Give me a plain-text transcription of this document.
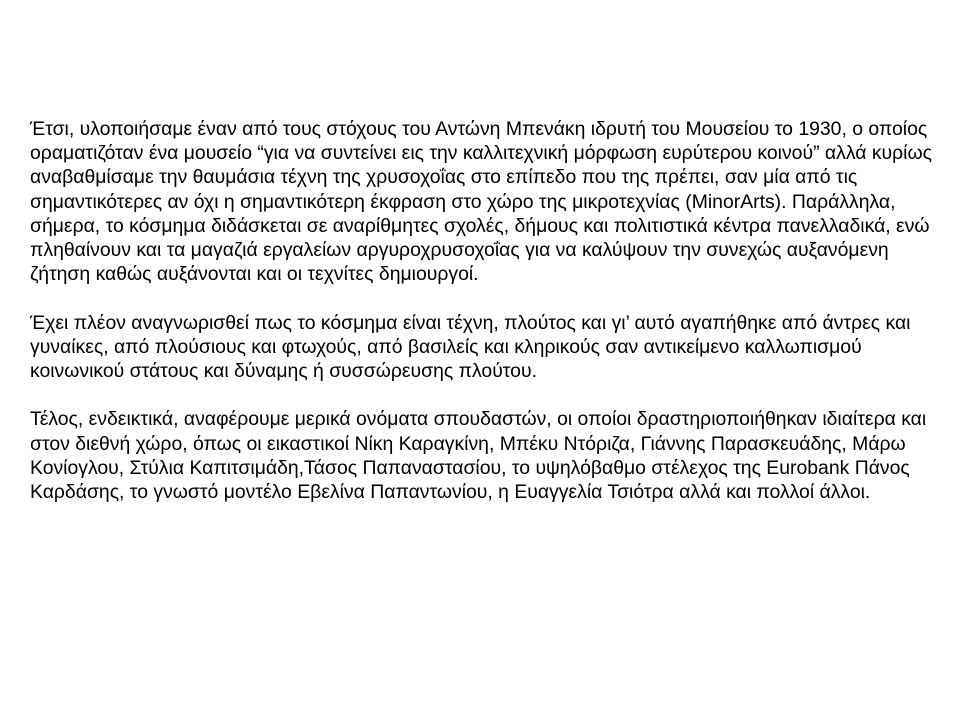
Έτσι, υλοποιήσαμε έναν από τους στόχους του Αντώνη Μπενάκη ιδρυτή του Μουσείου το 1930, ο οποίος οραματιζόταν ένα μουσείο “για να συντείνει εις την καλλιτεχνική μόρφωση ευρύτερου κοινού” αλλά κυρίως αναβαθμίσαμε την θαυμάσια τέχνη της χρυσοχοΐας στο επίπεδο που της πρέπει, σαν μία από τις σημαντικότερες αν όχι η σημαντικότερη έκφραση στο χώρο της μικροτεχνίας (MinorArts). Παράλληλα, σήμερα, το κόσμημα διδάσκεται σε αναρίθμητες σχολές, δήμους και πολιτιστικά κέντρα πανελλαδικά, ενώ πληθαίνουν και τα μαγαζιά εργαλείων αργυροχρυσοχοΐας για να καλύψουν την συνεχώς αυξανόμενη ζήτηση καθώς αυξάνονται και οι τεχνίτες δημιουργοί.

Έχει πλέον αναγνωρισθεί πως το κόσμημα είναι τέχνη, πλούτος και γι’ αυτό αγαπήθηκε από άντρες και γυναίκες, από πλούσιους και φτωχούς, από βασιλείς και κληρικούς σαν αντικείμενο καλλωπισμού κοινωνικού στάτους και δύναμης ή συσσώρευσης πλούτου.

Τέλος, ενδεικτικά, αναφέρουμε μερικά ονόματα σπουδαστών, οι οποίοι δραστηριοποιήθηκαν ιδιαίτερα και στον διεθνή χώρο, όπως οι εικαστικοί Νίκη Καραγκίνη, Μπέκυ Ντόριζα, Γιάννης Παρασκευάδης, Μάρω Κονίογλου, Στύλια Καπιτσιμάδη,Τάσος Παπαναστασίου, το υψηλόβαθμο στέλεχος της Eurobank Πάνος Καρδάσης, το γνωστό μοντέλο Εβελίνα Παπαντωνίου, η Ευαγγελία Τσιότρα αλλά και πολλοί άλλοι.
